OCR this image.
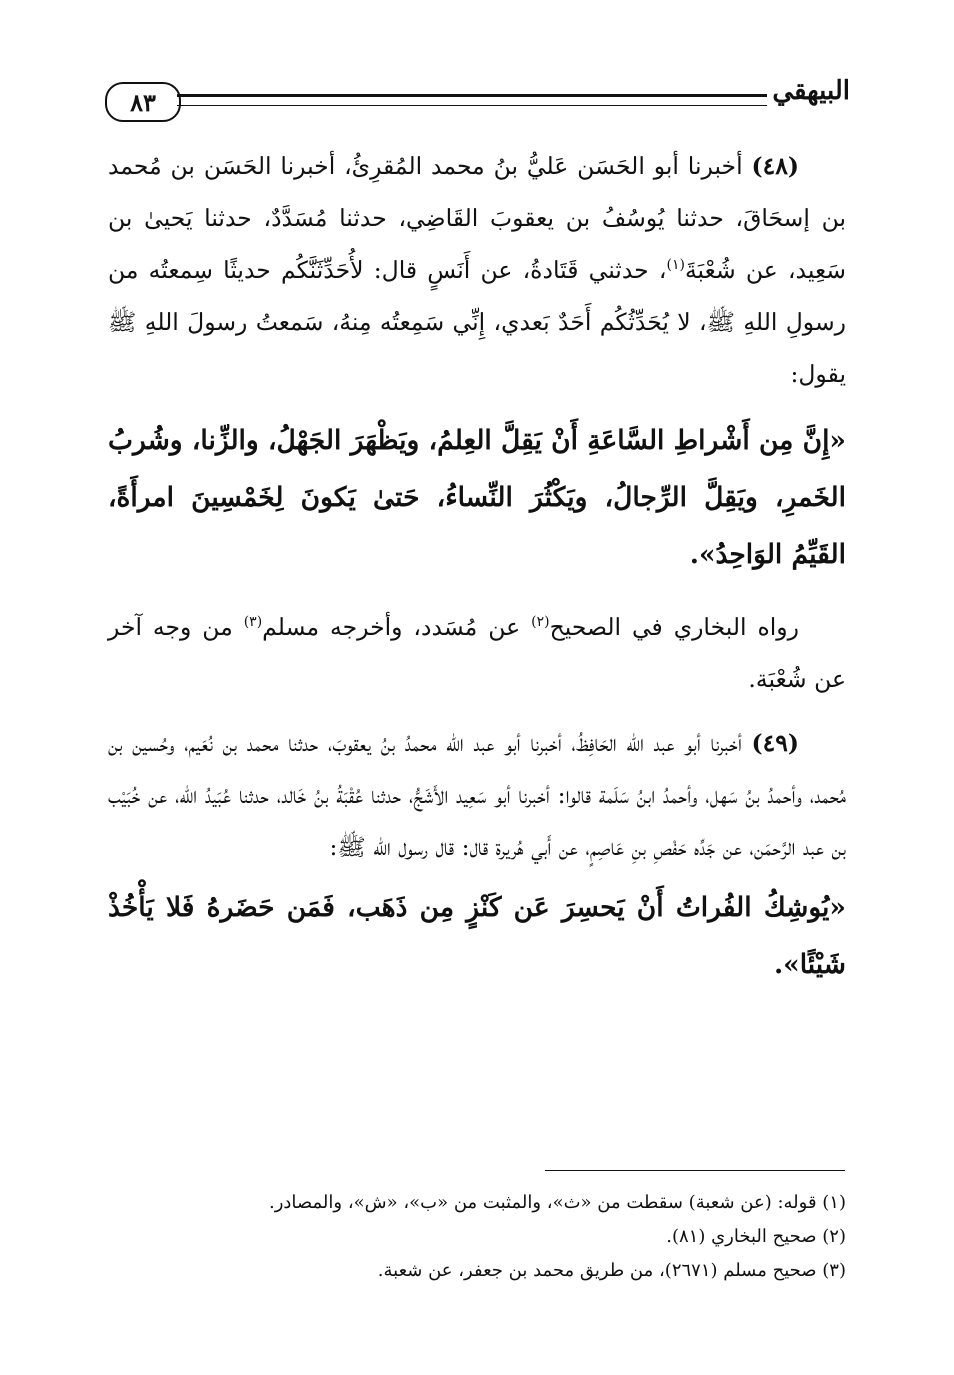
٨٣	البيهقي

(٤٨) أخبرنا أبو الحَسَن عَليُّ بنُ محمد المُقرِئُ، أخبرنا الحَسَن بن مُحمد بن إسحَاقَ، حدثنا يُوسُفُ بن يعقوبَ القَاضِي، حدثنا مُسَدَّدٌ، حدثنا يَحيىٰ بن سَعِيد، عن شُعْبَةَ$^{(١)}$، حدثني قَتَادةُ، عن أَنَسٍ قال: لأُحَدِّثَنَّكُم حديثًا سِمعتُه من رسولِ اللهِ ﷺ، لا يُحَدِّثُكُم أَحَدٌ بَعدي، إِنِّي سَمِعتُه مِنهُ، سَمعتُ رسولَ اللهِ ﷺ يقول:

«إِنَّ مِن أَشْراطِ السَّاعَةِ أَنْ يَقِلَّ العِلمُ، ويَظْهَرَ الجَهْلُ، والزِّنا، وشُربُ الخَمرِ، ويَقِلَّ الرِّجالُ، ويَكْثُرَ النِّساءُ، حَتىٰ يَكونَ لِخَمْسِينَ امرأَةً، القَيِّمُ الوَاحِدُ».

رواه البخاري في الصحيح$^{(٢)}$ عن مُسَدد، وأخرجه مسلم$^{(٣)}$ من وجه آخر عن شُعْبَة.

(٤٩) أخبرنا أبو عبد الله الحَافِظُ، أخبرنا أبو عبد الله محمدُ بنُ يعقوبَ، حدثنا محمد بن نُعَيم، وحُسين بن مُحمد، وأحمدُ بنُ سَهل، وأحمدُ ابنُ سَلَمة قالوا: أخبرنا أبو سَعِيد الأَشَجُّ، حدثنا عُقْبَةُ بنُ خَالد، حدثنا عُبَيدُ الله، عن خُبَيْب بن عبد الرَّحمَن، عن جَدِّه حَفْصِ بنِ عَاصِمٍ، عن أَبي هُريرة قال: قال رسول الله ﷺ:

«يُوشِكُ الفُراتُ أَنْ يَحسِرَ عَن كَنْزٍ مِن ذَهَب، فَمَن حَضَرهُ فَلا يَأْخُذْ شَيْئًا».

(١) قوله: (عن شعبة) سقطت من «ث»، والمثبت من «ب»، «ش»، والمصادر.

(٢) صحيح البخاري (٨١).

(٣) صحيح مسلم (٢٦٧١)، من طريق محمد بن جعفر، عن شعبة.
